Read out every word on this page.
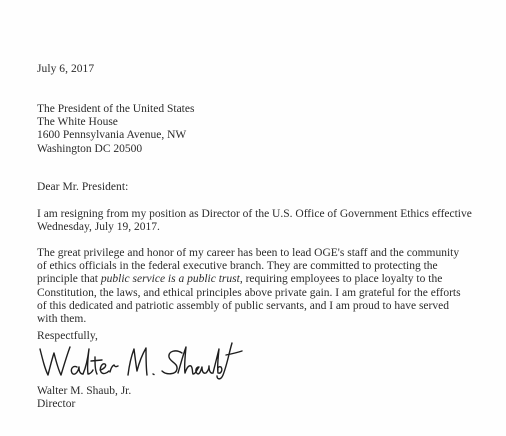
July 6, 2017
The President of the United States
The White House
1600 Pennsylvania Avenue, NW
Washington DC 20500
Dear Mr. President:
I am resigning from my position as Director of the U.S. Office of Government Ethics effective
Wednesday, July 19, 2017.
The great privilege and honor of my career has been to lead OGE's staff and the community
of ethics officials in the federal executive branch. They are committed to protecting the
principle that public service is a public trust, requiring employees to place loyalty to the
Constitution, the laws, and ethical principles above private gain. I am grateful for the efforts
of this dedicated and patriotic assembly of public servants, and I am proud to have served
with them.
Respectfully,
Walter M. Shaub, Jr.
Director
